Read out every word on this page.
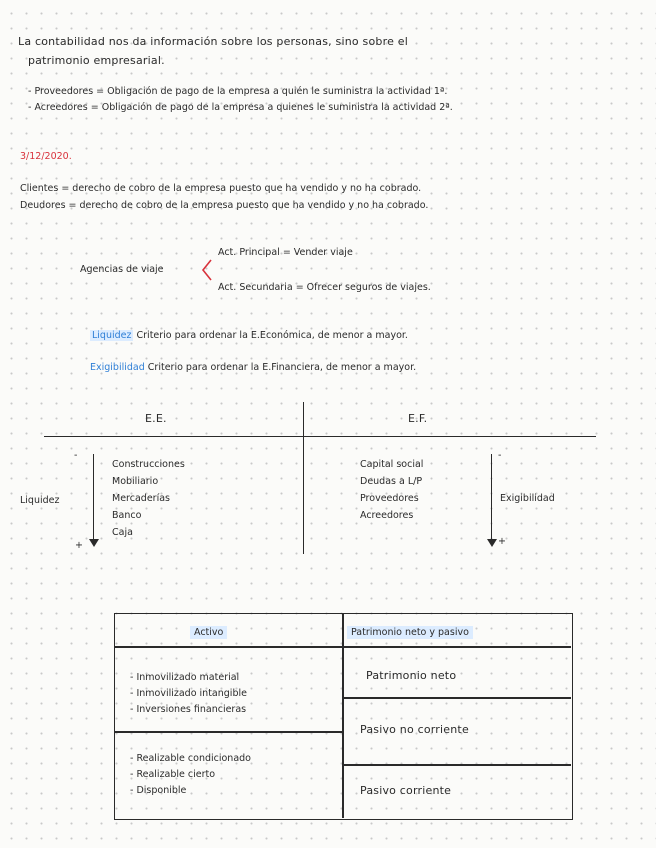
La contabilidad nos da información sobre los personas, sino sobre el
patrimonio empresarial.
- Proveedores = Obligación de pago de la empresa a quién le suministra la actividad 1ª.
- Acreedores = Obligación de pago de la empresa a quienes le suministra la actividad 2ª.
3/12/2020.
Clientes = derecho de cobro de la empresa puesto que ha vendido y no ha cobrado.
Deudores = derecho de cobro de la empresa puesto que ha vendido y no ha cobrado.
Act. Principal = Vender viaje
Agencias de viaje
Act. Secundaria = Ofrecer seguros de viajes.
Liquidez Criterio para ordenar la E.Económica, de menor a mayor.
Exigibilidad Criterio para ordenar la E.Financiera, de menor a mayor.
E.E.	E.F.
-
+
Liquidez
Construcciones
Mobiliario
Mercaderías
Banco
Caja
Capital social
Deudas a L/P
Proveedores
Acreedores
-
+
Exigibilidad
Activo	Patrimonio neto y pasivo
- Inmovilizado material
- Inmovilizado intangible
- Inversiones financieras
- Realizable condicionado
- Realizable cierto
- Disponible
Patrimonio neto
Pasivo no corriente
Pasivo corriente
